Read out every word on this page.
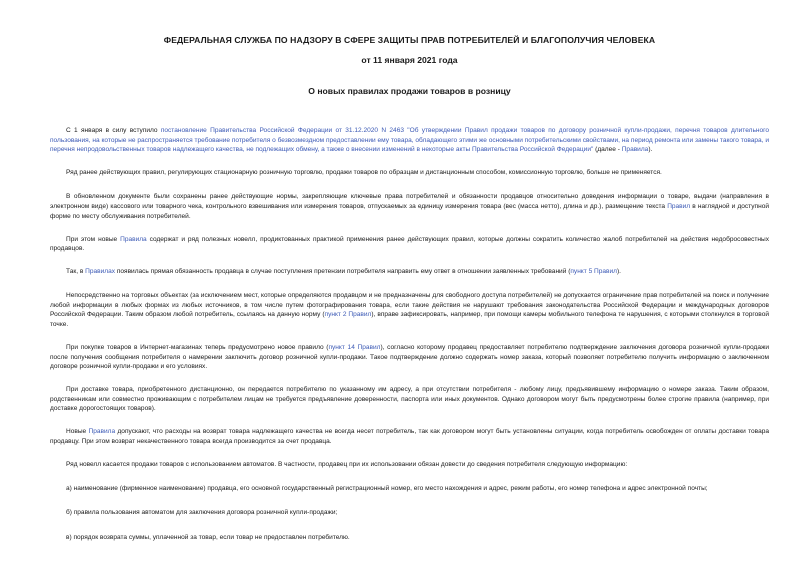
ФЕДЕРАЛЬНАЯ СЛУЖБА ПО НАДЗОРУ В СФЕРЕ ЗАЩИТЫ ПРАВ ПОТРЕБИТЕЛЕЙ И БЛАГОПОЛУЧИЯ ЧЕЛОВЕКА

от 11 января 2021 года

О новых правилах продажи товаров в розницу

С 1 января в силу вступило постановление Правительства Российской Федерации от 31.12.2020 N 2463 "Об утверждении Правил продажи товаров по договору розничной купли-продажи, перечня товаров длительного пользования, на которые не распространяется требование потребителя о безвозмездном предоставлении ему товара, обладающего этими же основными потребительскими свойствами, на период ремонта или замены такого товара, и перечня непродовольственных товаров надлежащего качества, не подлежащих обмену, а также о внесении изменений в некоторые акты Правительства Российской Федерации" (далее - Правила).

Ряд ранее действующих правил, регулирующих стационарную розничную торговлю, продажи товаров по образцам и дистанционным способом, комиссионную торговлю, больше не применяется.

В обновленном документе были сохранены ранее действующие нормы, закрепляющие ключевые права потребителей и обязанности продавцов относительно доведения информации о товаре, выдачи (направления в электронном виде) кассового или товарного чека, контрольного взвешивания или измерения товаров, отпускаемых за единицу измерения товара (вес (масса нетто), длина и др.), размещение текста Правил в наглядной и доступной форме по месту обслуживания потребителей.

При этом новые Правила содержат и ряд полезных новелл, продиктованных практикой применения ранее действующих правил, которые должны сократить количество жалоб потребителей на действия недобросовестных продавцов.

Так, в Правилах появилась прямая обязанность продавца в случае поступления претензии потребителя направить ему ответ в отношении заявленных требований (пункт 5 Правил).

Непосредственно на торговых объектах (за исключением мест, которые определяются продавцом и не предназначены для свободного доступа потребителей) не допускается ограничение прав потребителей на поиск и получение любой информации в любых формах из любых источников, в том числе путем фотографирования товара, если такие действия не нарушают требования законодательства Российской Федерации и международных договоров Российской Федерации. Таким образом любой потребитель, ссылаясь на данную норму (пункт 2 Правил), вправе зафиксировать, например, при помощи камеры мобильного телефона те нарушения, с которыми столкнулся в торговой точке.

При покупке товаров в Интернет-магазинах теперь предусмотрено новое правило (пункт 14 Правил), согласно которому продавец предоставляет потребителю подтверждение заключения договора розничной купли-продажи после получения сообщения потребителя о намерении заключить договор розничной купли-продажи. Такое подтверждение должно содержать номер заказа, который позволяет потребителю получить информацию о заключенном договоре розничной купли-продажи и его условиях.

При доставке товара, приобретенного дистанционно, он передается потребителю по указанному им адресу, а при отсутствии потребителя - любому лицу, предъявившему информацию о номере заказа. Таким образом, родственникам или совместно проживающим с потребителем лицам не требуется предъявление доверенности, паспорта или иных документов. Однако договором могут быть предусмотрены более строгие правила (например, при доставке дорогостоящих товаров).

Новые Правила допускают, что расходы на возврат товара надлежащего качества не всегда несет потребитель, так как договором могут быть установлены ситуации, когда потребитель освобожден от оплаты доставки товара продавцу. При этом возврат некачественного товара всегда производится за счет продавца.

Ряд новелл касается продажи товаров с использованием автоматов. В частности, продавец при их использовании обязан довести до сведения потребителя следующую информацию:

а) наименование (фирменное наименование) продавца, его основной государственный регистрационный номер, его место нахождения и адрес, режим работы, его номер телефона и адрес электронной почты;

б) правила пользования автоматом для заключения договора розничной купли-продажи;

в) порядок возврата суммы, уплаченной за товар, если товар не предоставлен потребителю.
